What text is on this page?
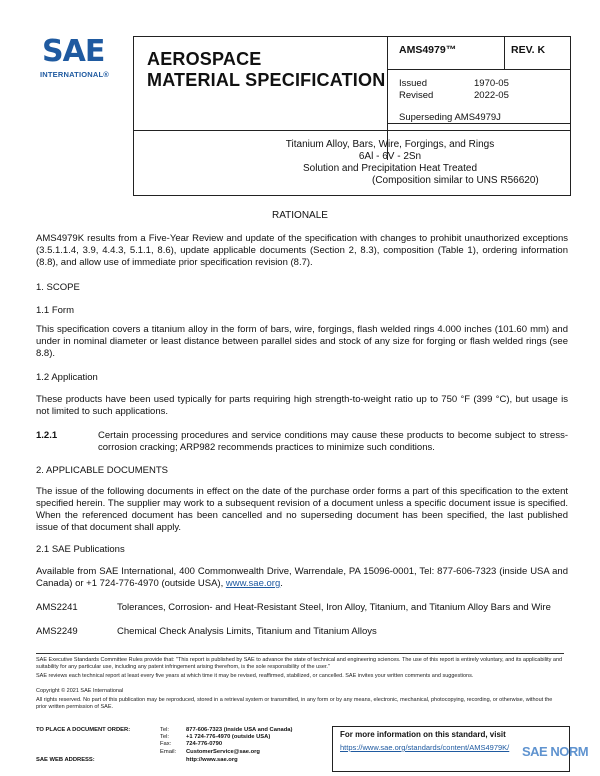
SAE
INTERNATIONAL®
AEROSPACE
MATERIAL SPECIFICATION
AMS4979™	REV. K
Issued	1970-05
Revised	2022-05
Superseding AMS4979J
Titanium Alloy, Bars, Wire, Forgings, and Rings
6Al - 6V - 2Sn
Solution and Precipitation Heat Treated
(Composition similar to UNS R56620)
RATIONALE
AMS4979K results from a Five-Year Review and update of the specification with changes to prohibit unauthorized exceptions (3.5.1.1.4, 3.9, 4.4.3, 5.1.1, 8.6), update applicable documents (Section 2, 8.3), composition (Table 1), ordering information (8.8), and allow use of immediate prior specification revision (8.7).
1. SCOPE
1.1 Form
This specification covers a titanium alloy in the form of bars, wire, forgings, flash welded rings 4.000 inches (101.60 mm) and under in nominal diameter or least distance between parallel sides and stock of any size for forging or flash welded rings (see 8.8).
1.2 Application
These products have been used typically for parts requiring high strength-to-weight ratio up to 750 °F (399 °C), but usage is not limited to such applications.
1.2.1	Certain processing procedures and service conditions may cause these products to become subject to stress-corrosion cracking; ARP982 recommends practices to minimize such conditions.
2. APPLICABLE DOCUMENTS
The issue of the following documents in effect on the date of the purchase order forms a part of this specification to the extent specified herein. The supplier may work to a subsequent revision of a document unless a specific document issue is specified. When the referenced document has been cancelled and no superseding document has been specified, the last published issue of that document shall apply.
2.1 SAE Publications
Available from SAE International, 400 Commonwealth Drive, Warrendale, PA 15096-0001, Tel: 877-606-7323 (inside USA and Canada) or +1 724-776-4970 (outside USA), www.sae.org.
AMS2241	Tolerances, Corrosion- and Heat-Resistant Steel, Iron Alloy, Titanium, and Titanium Alloy Bars and Wire
AMS2249	Chemical Check Analysis Limits, Titanium and Titanium Alloys
SAE Executive Standards Committee Rules provide that: "This report is published by SAE to advance the state of technical and engineering sciences. The use of this report is entirely voluntary, and its applicability and suitability for any particular use, including any patent infringement arising therefrom, is the sole responsibility of the user."
SAE reviews each technical report at least every five years at which time it may be revised, reaffirmed, stabilized, or cancelled. SAE invites your written comments and suggestions.
Copyright © 2021 SAE International
All rights reserved. No part of this publication may be reproduced, stored in a retrieval system or transmitted, in any form or by any means, electronic, mechanical, photocopying, recording, or otherwise, without the prior written permission of SAE.
TO PLACE A DOCUMENT ORDER:	Tel:	877-606-7323 (inside USA and Canada)
Tel:	+1 724-776-4970 (outside USA)
Fax:	724-776-0790
Email: CustomerService@sae.org
SAE WEB ADDRESS:	http://www.sae.org
For more information on this standard, visit
https://www.sae.org/standards/content/AMS4979K/ SAE NORM
